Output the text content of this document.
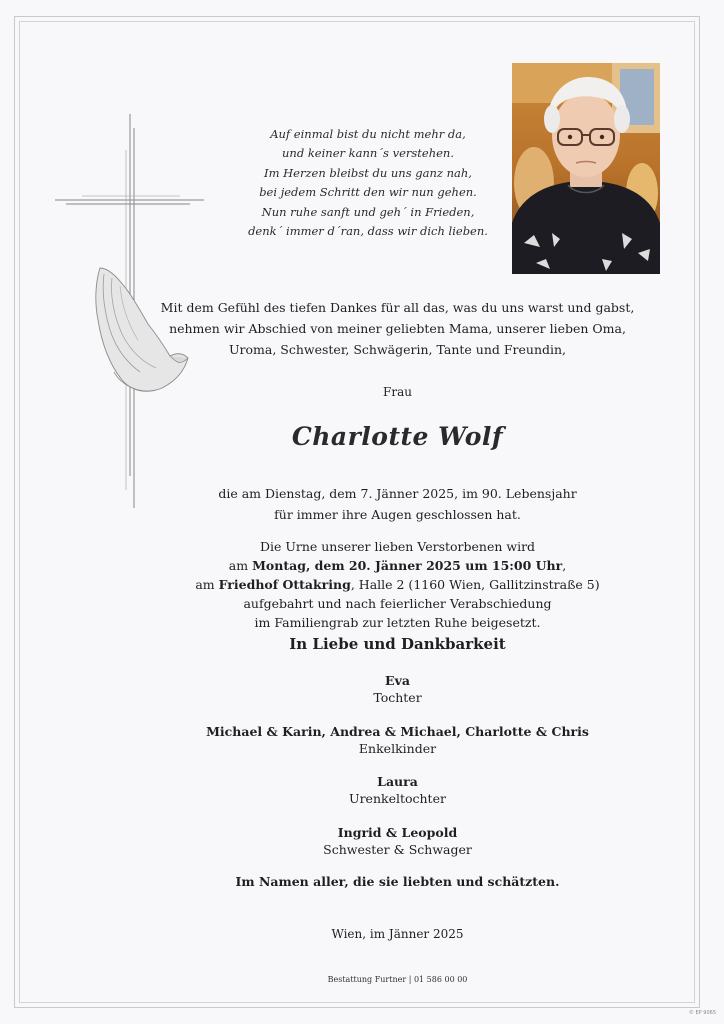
Auf einmal bist du nicht mehr da,
und keiner kann´s verstehen.
Im Herzen bleibst du uns ganz nah,
bei jedem Schritt den wir nun gehen.
Nun ruhe sanft und geh´ in Frieden,
denk´ immer d´ran, dass wir dich lieben.
Mit dem Gefühl des tiefen Dankes für all das, was du uns warst und gabst,
nehmen wir Abschied von meiner geliebten Mama, unserer lieben Oma,
Uroma, Schwester, Schwägerin, Tante und Freundin,
Frau
Charlotte Wolf
die am Dienstag, dem 7. Jänner 2025, im 90. Lebensjahr
für immer ihre Augen geschlossen hat.
Die Urne unserer lieben Verstorbenen wird
am Montag, dem 20. Jänner 2025 um 15:00 Uhr,
am Friedhof Ottakring, Halle 2 (1160 Wien, Gallitzinstraße 5)
aufgebahrt und nach feierlicher Verabschiedung
im Familiengrab zur letzten Ruhe beigesetzt.
In Liebe und Dankbarkeit
Eva
Tochter
Michael & Karin, Andrea & Michael, Charlotte & Chris
Enkelkinder
Laura
Urenkeltochter
Ingrid & Leopold
Schwester & Schwager
Im Namen aller, die sie liebten und schätzten.
Wien, im Jänner 2025
Bestattung Furtner | 01 586 00 00
© EP 9065
